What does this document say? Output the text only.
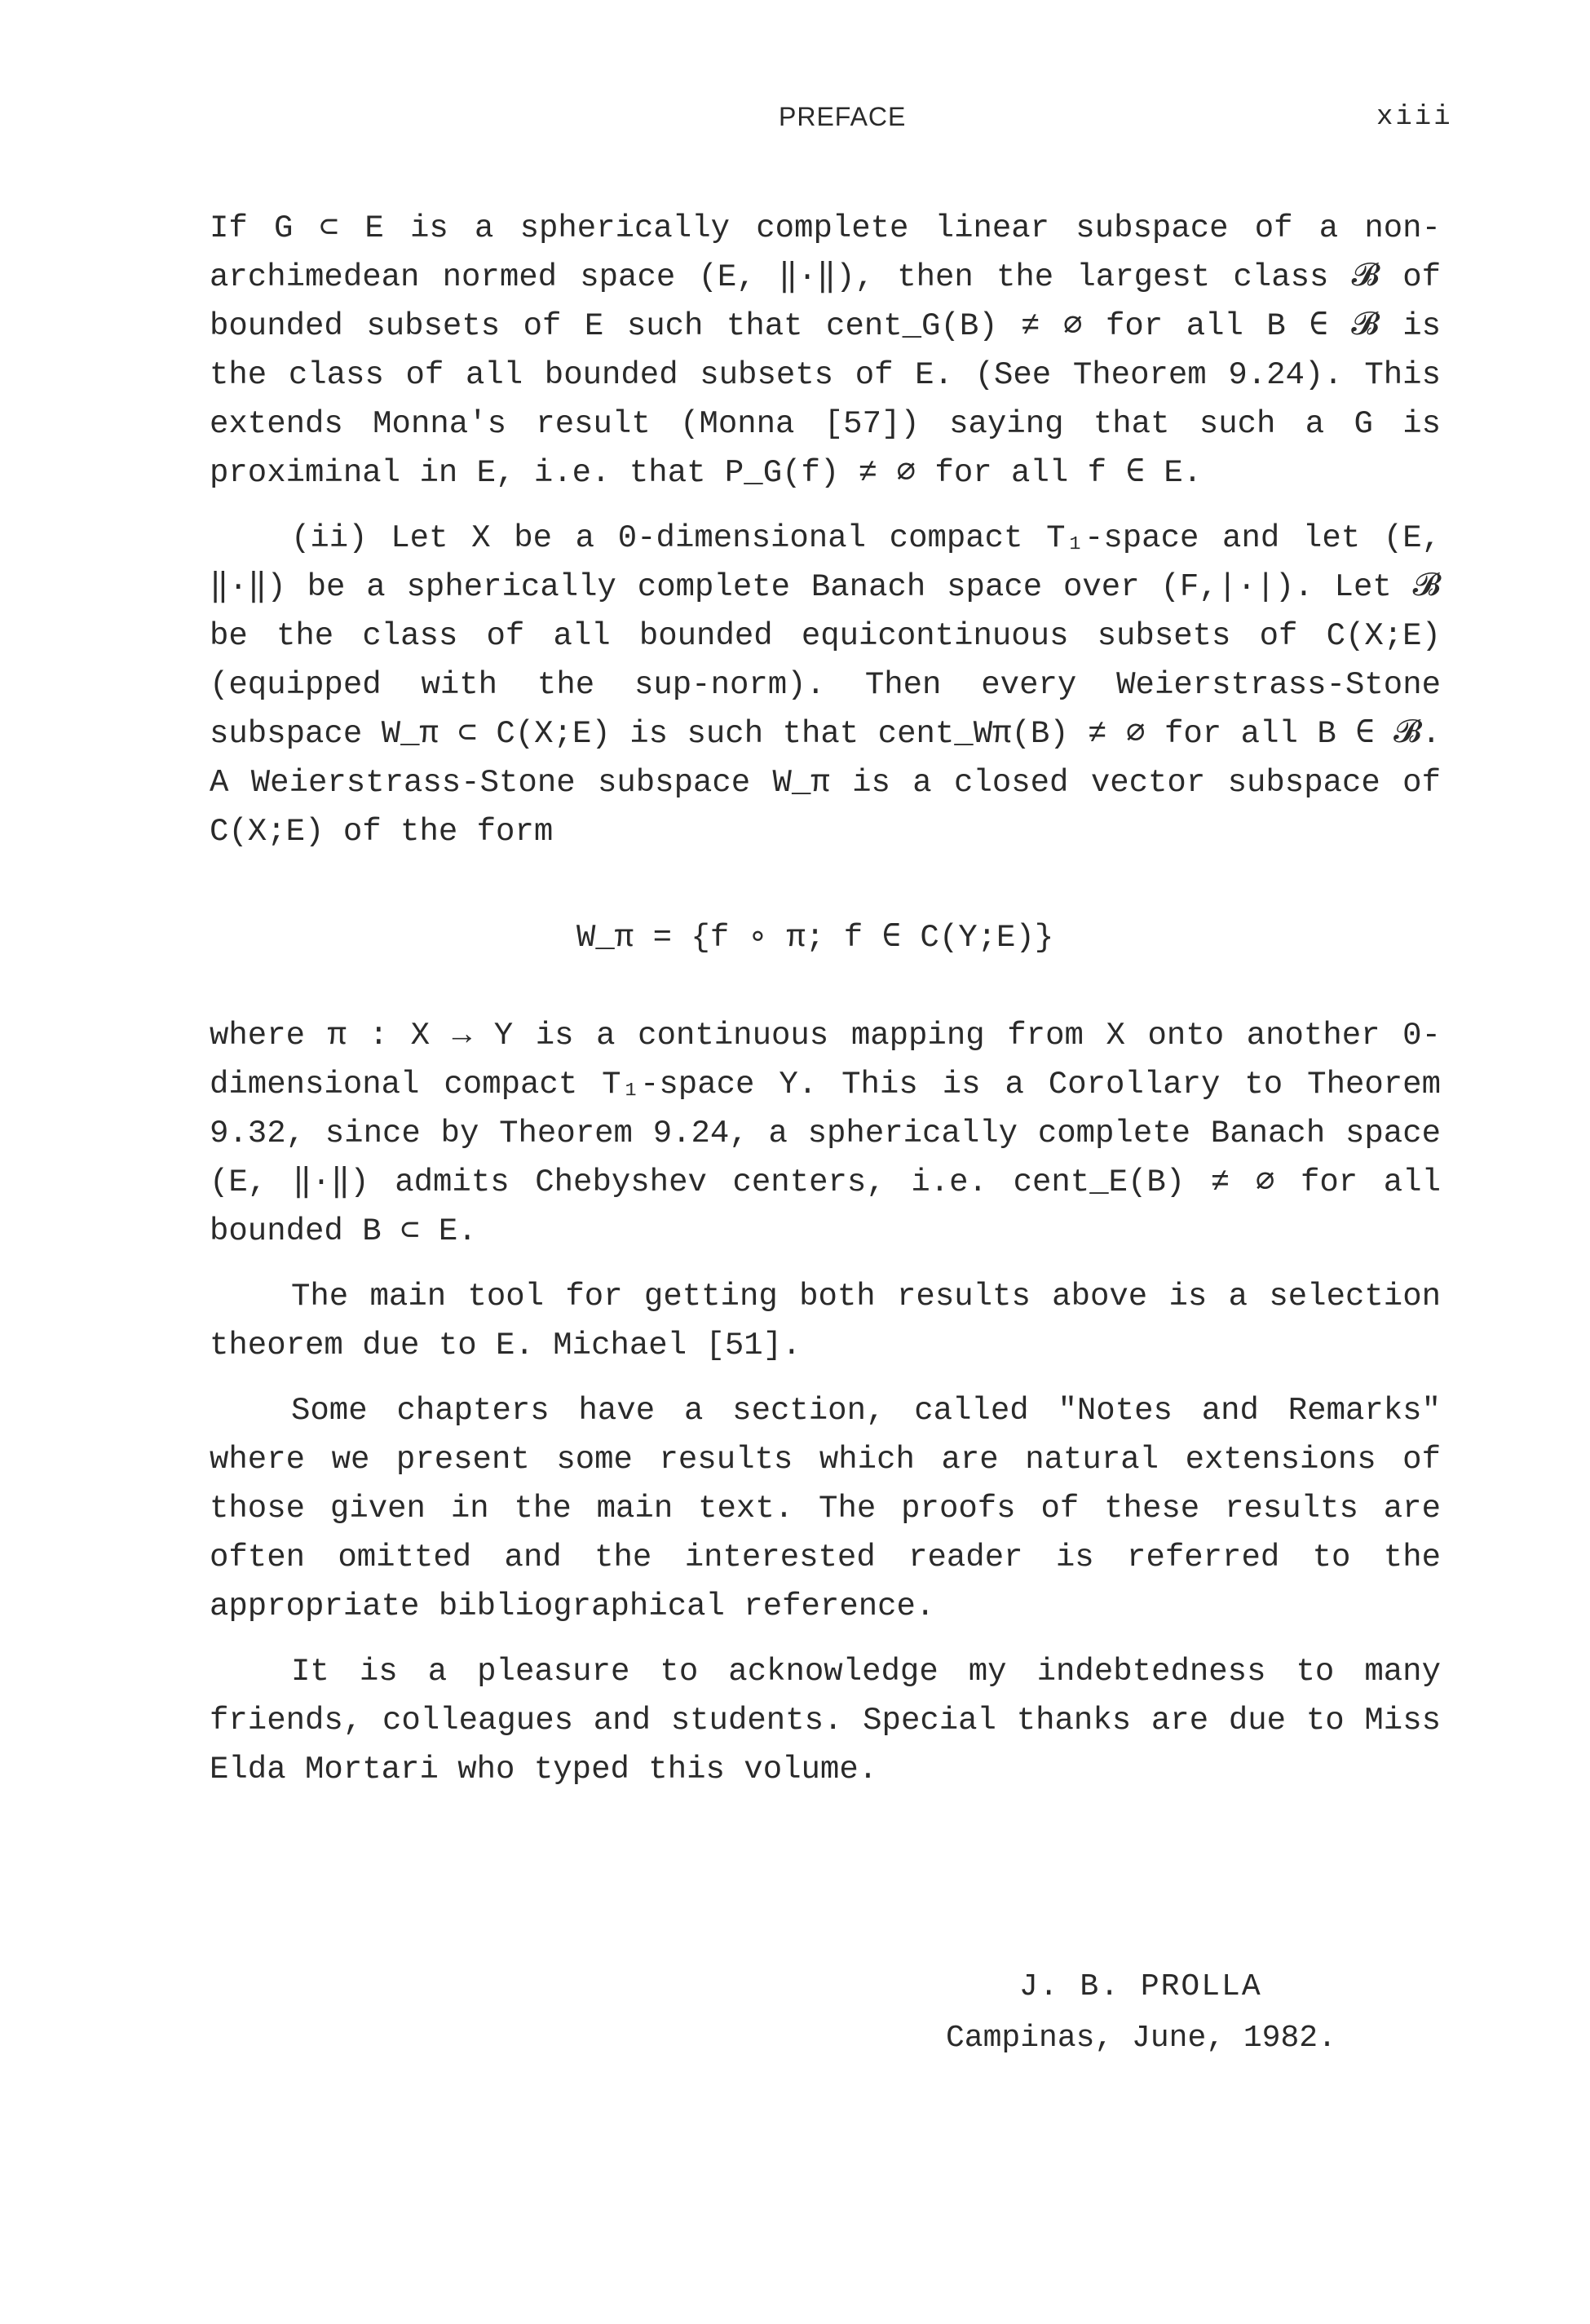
PREFACE	xiii

If G ⊂ E is a spherically complete linear subspace of a non-archimedean normed space (E, ‖·‖), then the largest class 𝓑 of bounded subsets of E such that cent_G(B) ≠ ∅ for all B ∈ 𝓑 is the class of all bounded subsets of E. (See Theorem 9.24). This extends Monna's result (Monna [57]) saying that such a G is proximinal in E, i.e. that P_G(f) ≠ ∅ for all f ∈ E.

(ii) Let X be a 0-dimensional compact T₁-space and let (E, ‖·‖) be a spherically complete Banach space over (F,|·|). Let 𝓑 be the class of all bounded equicontinuous subsets of C(X;E) (equipped with the sup-norm). Then every Weierstrass-Stone subspace W_π ⊂ C(X;E) is such that cent_Wπ(B) ≠ ∅ for all B ∈ 𝓑. A Weierstrass-Stone subspace W_π is a closed vector subspace of C(X;E) of the form

W_π = {f ∘ π; f ∈ C(Y;E)}

where π : X → Y is a continuous mapping from X onto another 0-dimensional compact T₁-space Y. This is a Corollary to Theorem 9.32, since by Theorem 9.24, a spherically complete Banach space (E, ‖·‖) admits Chebyshev centers, i.e. cent_E(B) ≠ ∅ for all bounded B ⊂ E.

The main tool for getting both results above is a selection theorem due to E. Michael [51].

Some chapters have a section, called "Notes and Remarks" where we present some results which are natural extensions of those given in the main text. The proofs of these results are often omitted and the interested reader is referred to the appropriate bibliographical reference.

It is a pleasure to acknowledge my indebtedness to many friends, colleagues and students. Special thanks are due to Miss Elda Mortari who typed this volume.

J. B. PROLLA
Campinas, June, 1982.
